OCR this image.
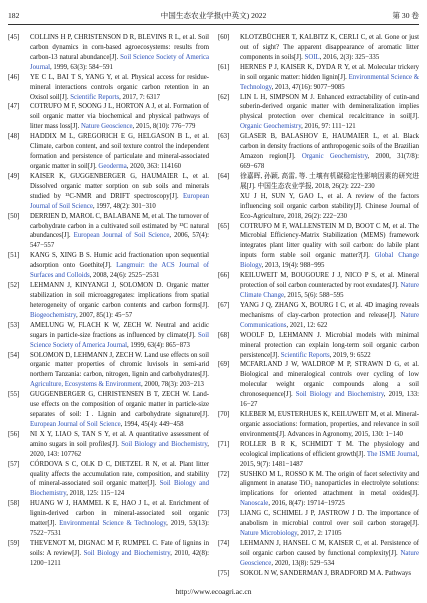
182	中国生态农业学报(中英文) 2022	第 30 卷
[45]	COLLINS H P, CHRISTENSON D R, BLEVINS R L, et al. Soil carbon dynamics in corn-based agroecosystems: results from carbon-13 natural abundance[J]. Soil Science Society of America Journal, 1999, 63(3): 584−591
[46]	YE C L, BAI T S, YANG Y, et al. Physical access for residue-mineral interactions controls organic carbon retention in an Oxisol soil[J]. Scientific Reports, 2017, 7: 6317
[47]	COTRUFO M F, SOONG J L, HORTON A J, et al. Formation of soil organic matter via biochemical and physical pathways of litter mass loss[J]. Nature Geoscience, 2015, 8(10): 776−779
[48]	HADDIX M L, GREGORICH E G, HELGASON B L, et al. Climate, carbon content, and soil texture control the independent formation and persistence of particulate and mineral-associated organic matter in soil[J]. Geoderma, 2020, 363: 114160
[49]	KAISER K, GUGGENBERGER G, HAUMAIER L, et al. Dissolved organic matter sorption on sub soils and minerals studied by ¹³C-NMR and DRIFT spectroscopy[J]. European Journal of Soil Science, 1997, 48(2): 301−310
[50]	DERRIEN D, MAROL C, BALABANE M, et al. The turnover of carbohydrate carbon in a cultivated soil estimated by ¹³C natural abundances[J]. European Journal of Soil Science, 2006, 57(4): 547−557
[51]	KANG S, XING B S. Humic acid fractionation upon sequential adsorption onto Goethite[J]. Langmuir: the ACS Journal of Surfaces and Colloids, 2008, 24(6): 2525−2531
[52]	LEHMANN J, KINYANGI J, SOLOMON D. Organic matter stabilization in soil microaggregates: implications from spatial heterogeneity of organic carbon contents and carbon forms[J]. Biogeochemistry, 2007, 85(1): 45−57
[53]	AMELUNG W, FLACH K W, ZECH W. Neutral and acidic sugars in particle-size fractions as influenced by climate[J]. Soil Science Society of America Journal, 1999, 63(4): 865−873
[54]	SOLOMON D, LEHMANN J, ZECH W. Land use effects on soil organic matter properties of chromic luvisols in semi-arid northern Tanzania: carbon, nitrogen, lignin and carbohydrates[J]. Agriculture, Ecosystems & Environment, 2000, 78(3): 203−213
[55]	GUGGENBERGER G, CHRISTENSEN B T, ZECH W. Land-use effects on the composition of organic matter in particle-size separates of soil: Ⅰ. Lignin and carbohydrate signature[J]. European Journal of Soil Science, 1994, 45(4): 449−458
[56]	NI X Y, LIAO S, TAN S Y, et al. A quantitative assessment of amino sugars in soil profiles[J]. Soil Biology and Biochemistry, 2020, 143: 107762
[57]	CÓRDOVA S C, OLK D C, DIETZEL R N, et al. Plant litter quality affects the accumulation rate, composition, and stability of mineral-associated soil organic matter[J]. Soil Biology and Biochemistry, 2018, 125: 115−124
[58]	HUANG W J, HAMMEL K E, HAO J L, et al. Enrichment of lignin-derived carbon in mineral-associated soil organic matter[J]. Environmental Science & Technology, 2019, 53(13): 7522−7531
[59]	THEVENOT M, DIGNAC M F, RUMPEL C. Fate of lignins in soils: A review[J]. Soil Biology and Biochemistry, 2010, 42(8): 1200−1211
[60]	KLOTZBÜCHER T, KALBITZ K, CERLI C, et al. Gone or just out of sight? The apparent disappearance of aromatic litter components in soils[J]. SOIL, 2016, 2(3): 325−335
[61]	HERNES P J, KAISER K, DYDA R Y, et al. Molecular trickery in soil organic matter: hidden lignin[J]. Environmental Science & Technology, 2013, 47(16): 9077−9085
[62]	LIN L H, SIMPSON M J. Enhanced extractability of cutin-and suberin-derived organic matter with demineralization implies physical protection over chemical recalcitrance in soil[J]. Organic Geochemistry, 2016, 97: 111−121
[63]	GLASER B, BALASHOV E, HAUMAIER L, et al. Black carbon in density fractions of anthropogenic soils of the Brazilian Amazon region[J]. Organic Geochemistry, 2000, 31(7/8): 669−678
[64]	徐嘉晖, 孙颖, 高雷, 等. 土壤有机碳稳定性影响因素的研究进展[J]. 中国生态农业学报, 2018, 26(2): 222−230
XU J H, SUN Y, GAO L, et al. A review of the factors influencing soil organic carbon stability[J]. Chinese Journal of Eco-Agriculture, 2018, 26(2): 222−230
[65]	COTRUFO M F, WALLENSTEIN M D, BOOT C M, et al. The Microbial Efficiency-Matrix Stabilization (MEMS) framework integrates plant litter quality with soil carbon: do labile plant inputs form stable soil organic matter?[J]. Global Change Biology, 2013, 19(4): 988−995
[66]	KEILUWEIT M, BOUGOURE J J, NICO P S, et al. Mineral protection of soil carbon counteracted by root exudates[J]. Nature Climate Change, 2015, 5(6): 588−595
[67]	YANG J Q, ZHANG X, BOURG I C, et al. 4D imaging reveals mechanisms of clay-carbon protection and release[J]. Nature Communications, 2021, 12: 622
[68]	WOOLF D, LEHMANN J. Microbial models with minimal mineral protection can explain long-term soil organic carbon persistence[J]. Scientific Reports, 2019, 9: 6522
[69]	MCFARLAND J W, WALDROP M P, STRAWN D G, et al. Biological and mineralogical controls over cycling of low molecular weight organic compounds along a soil chronosequence[J]. Soil Biology and Biochemistry, 2019, 133: 16−27
[70]	KLEBER M, EUSTERHUES K, KEILUWEIT M, et al. Mineral-organic associations: formation, properties, and relevance in soil environments[J]. Advances in Agronomy, 2015, 130: 1−140
[71]	ROLLER B R K, SCHMIDT T M. The physiology and ecological implications of efficient growth[J]. The ISME Journal, 2015, 9(7): 1481−1487
[72]	SUSHKO M L, ROSSO K M. The origin of facet selectivity and alignment in anatase TiO₂ nanoparticles in electrolyte solutions: implications for oriented attachment in metal oxides[J]. Nanoscale, 2016, 8(47): 19714−19725
[73]	LIANG C, SCHIMEL J P, JASTROW J D. The importance of anabolism in microbial control over soil carbon storage[J]. Nature Microbiology, 2017, 2: 17105
[74]	LEHMANN J, HANSEL C M, KAISER C, et al. Persistence of soil organic carbon caused by functional complexity[J]. Nature Geoscience, 2020, 13(8): 529−534
[75]	SOKOL N W, SANDERMAN J, BRADFORD M A. Pathways
http://www.ecoagri.ac.cn
